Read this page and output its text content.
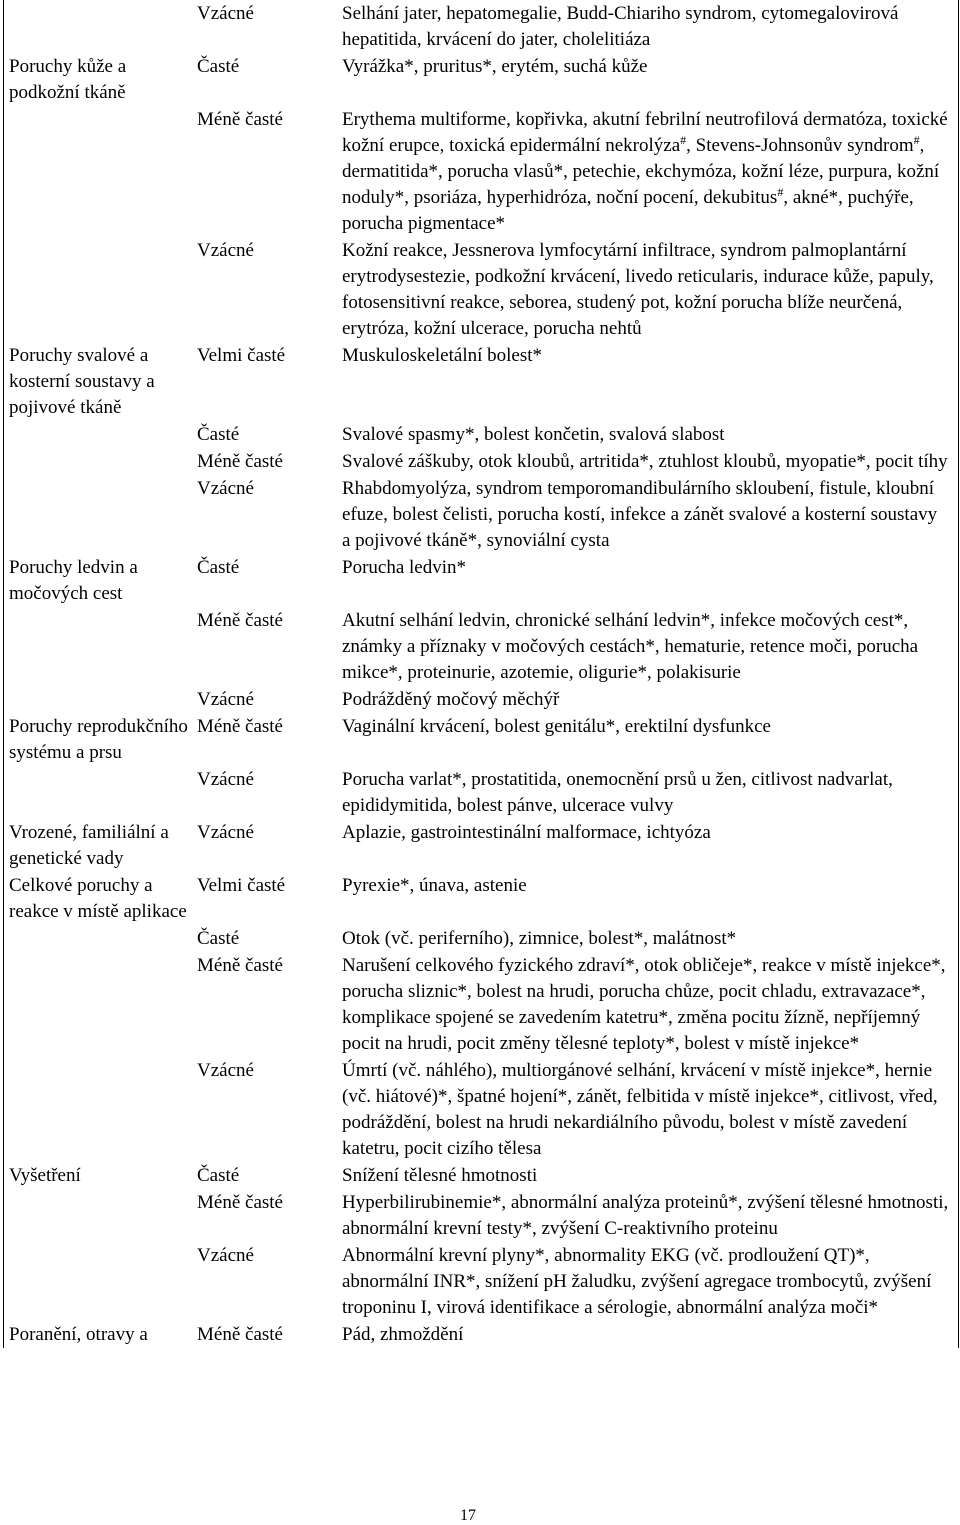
Vzácné	Selhání jater, hepatomegalie, Budd-Chiariho syndrom, cytomegalovirová hepatitida, krvácení do jater, cholelitiáza
Poruchy kůže a podkožní tkáně
Časté	Vyrážka*, pruritus*, erytém, suchá kůže
Méně časté	Erythema multiforme, kopřivka, akutní febrilní neutrofilová dermatóza, toxické kožní erupce, toxická epidermální nekrolýza#, Stevens-Johnsonův syndrom#, dermatitida*, porucha vlasů*, petechie, ekchymóza, kožní léze, purpura, kožní noduly*, psoriáza, hyperhidróza, noční pocení, dekubitus#, akné*, puchýře, porucha pigmentace*
Vzácné	Kožní reakce, Jessnerova lymfocytární infiltrace, syndrom palmoplantární erytrodysestezie, podkožní krvácení, livedo reticularis, indurace kůže, papuly, fotosensitivní reakce, seborea, studený pot, kožní porucha blíže neurčená, erytróza, kožní ulcerace, porucha nehtů
Poruchy svalové a kosterní soustavy a pojivové tkáně
Velmi časté	Muskuloskeletální bolest*
Časté	Svalové spasmy*, bolest končetin, svalová slabost
Méně časté	Svalové záškuby, otok kloubů, artritida*, ztuhlost kloubů, myopatie*, pocit tíhy
Vzácné	Rhabdomyolýza, syndrom temporomandibulárního skloubení, fistule, kloubní efuze, bolest čelisti, porucha kostí, infekce a zánět svalové a kosterní soustavy a pojivové tkáně*, synoviální cysta
Poruchy ledvin a močových cest
Časté	Porucha ledvin*
Méně časté	Akutní selhání ledvin, chronické selhání ledvin*, infekce močových cest*, známky a příznaky v močových cestách*, hematurie, retence moči, porucha mikce*, proteinurie, azotemie, oligurie*, polakisurie
Vzácné	Podrážděný močový měchýř
Poruchy reprodukčního systému a prsu
Méně časté	Vaginální krvácení, bolest genitálu*, erektilní dysfunkce
Vzácné	Porucha varlat*, prostatitida, onemocnění prsů u žen, citlivost nadvarlat, epididymitida, bolest pánve, ulcerace vulvy
Vrozené, familiální a genetické vady
Vzácné	Aplazie, gastrointestinální malformace, ichtyóza
Celkové poruchy a reakce v místě aplikace
Velmi časté	Pyrexie*, únava, astenie
Časté	Otok (vč. periferního), zimnice, bolest*, malátnost*
Méně časté	Narušení celkového fyzického zdraví*, otok obličeje*, reakce v místě injekce*, porucha sliznic*, bolest na hrudi, porucha chůze, pocit chladu, extravazace*, komplikace spojené se zavedením katetru*, změna pocitu žízně, nepříjemný pocit na hrudi, pocit změny tělesné teploty*, bolest v místě injekce*
Vzácné	Úmrtí (vč. náhlého), multiorgánové selhání, krvácení v místě injekce*, hernie (vč. hiátové)*, špatné hojení*, zánět, felbitida v místě injekce*, citlivost, vřed, podráždění, bolest na hrudi nekardiálního původu, bolest v místě zavedení katetru, pocit cizího tělesa
Vyšetření	Časté	Snížení tělesné hmotnosti
Méně časté	Hyperbilirubinemie*, abnormální analýza proteinů*, zvýšení tělesné hmotnosti, abnormální krevní testy*, zvýšení C-reaktivního proteinu
Vzácné	Abnormální krevní plyny*, abnormality EKG (vč. prodloužení QT)*, abnormální INR*, snížení pH žaludku, zvýšení agregace trombocytů, zvýšení troponinu I, virová identifikace a sérologie, abnormální analýza moči*
Poranění, otravy a	Méně časté	Pád, zhmoždění
17
